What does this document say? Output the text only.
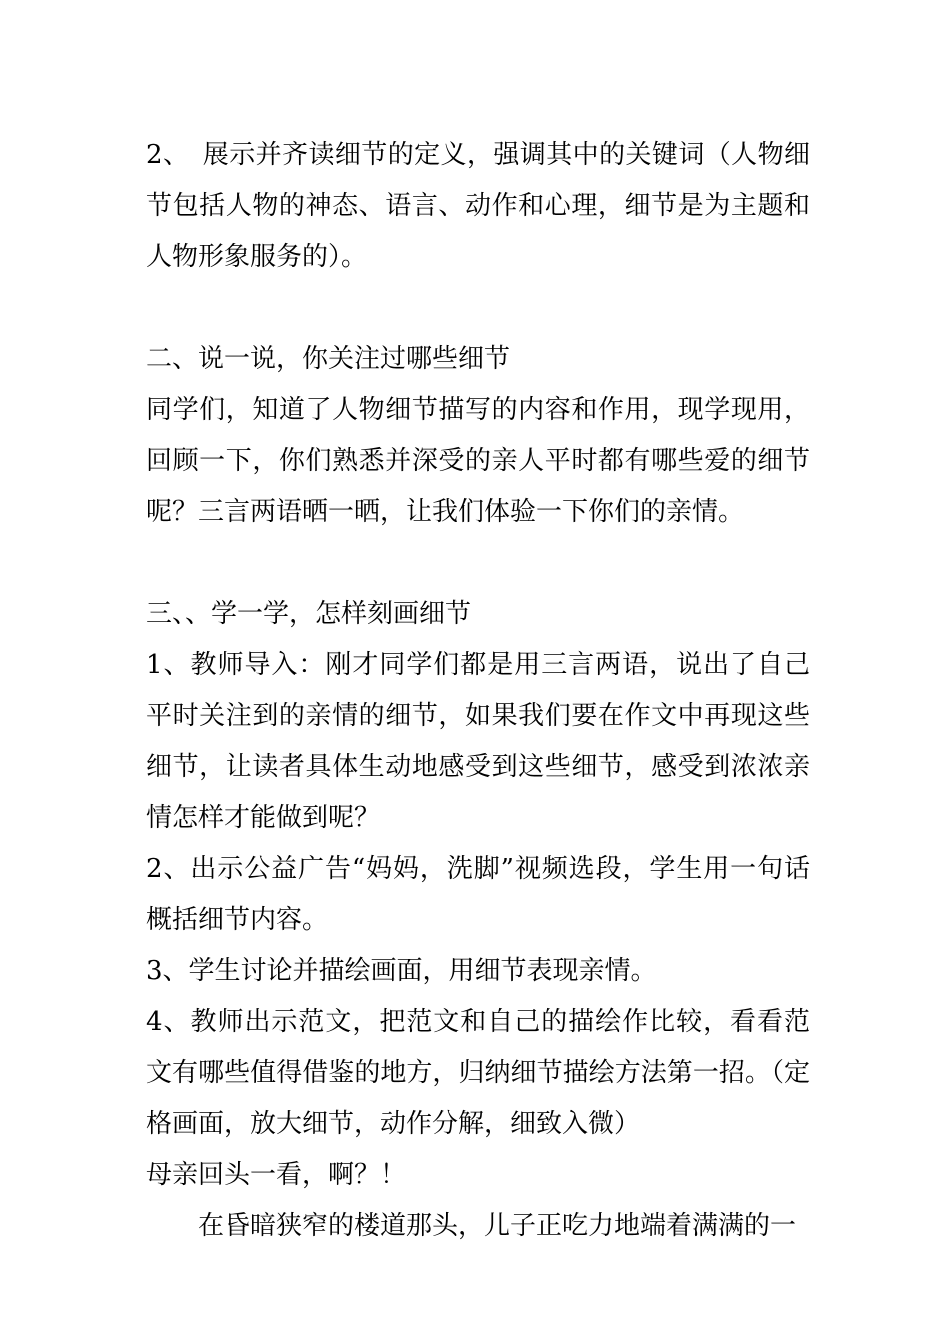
2、　展示并齐读细节的定义，强调其中的关键词（人物细节包括人物的神态、语言、动作和心理，细节是为主题和人物形象服务的）。

二、说一说，你关注过哪些细节

同学们，知道了人物细节描写的内容和作用，现学现用，回顾一下，你们熟悉并深受的亲人平时都有哪些爱的细节呢？三言两语晒一晒，让我们体验一下你们的亲情。

三、、学一学，怎样刻画细节

1、教师导入：刚才同学们都是用三言两语，说出了自己平时关注到的亲情的细节，如果我们要在作文中再现这些细节，让读者具体生动地感受到这些细节，感受到浓浓亲情怎样才能做到呢？

2、出示公益广告“妈妈，洗脚”视频选段，学生用一句话概括细节内容。

3、学生讨论并描绘画面，用细节表现亲情。

4、教师出示范文，把范文和自己的描绘作比较，看看范文有哪些值得借鉴的地方，归纳细节描绘方法第一招。（定格画面，放大细节，动作分解，细致入微）

母亲回头一看，啊？！

在昏暗狭窄的楼道那头，儿子正吃力地端着满满的一
